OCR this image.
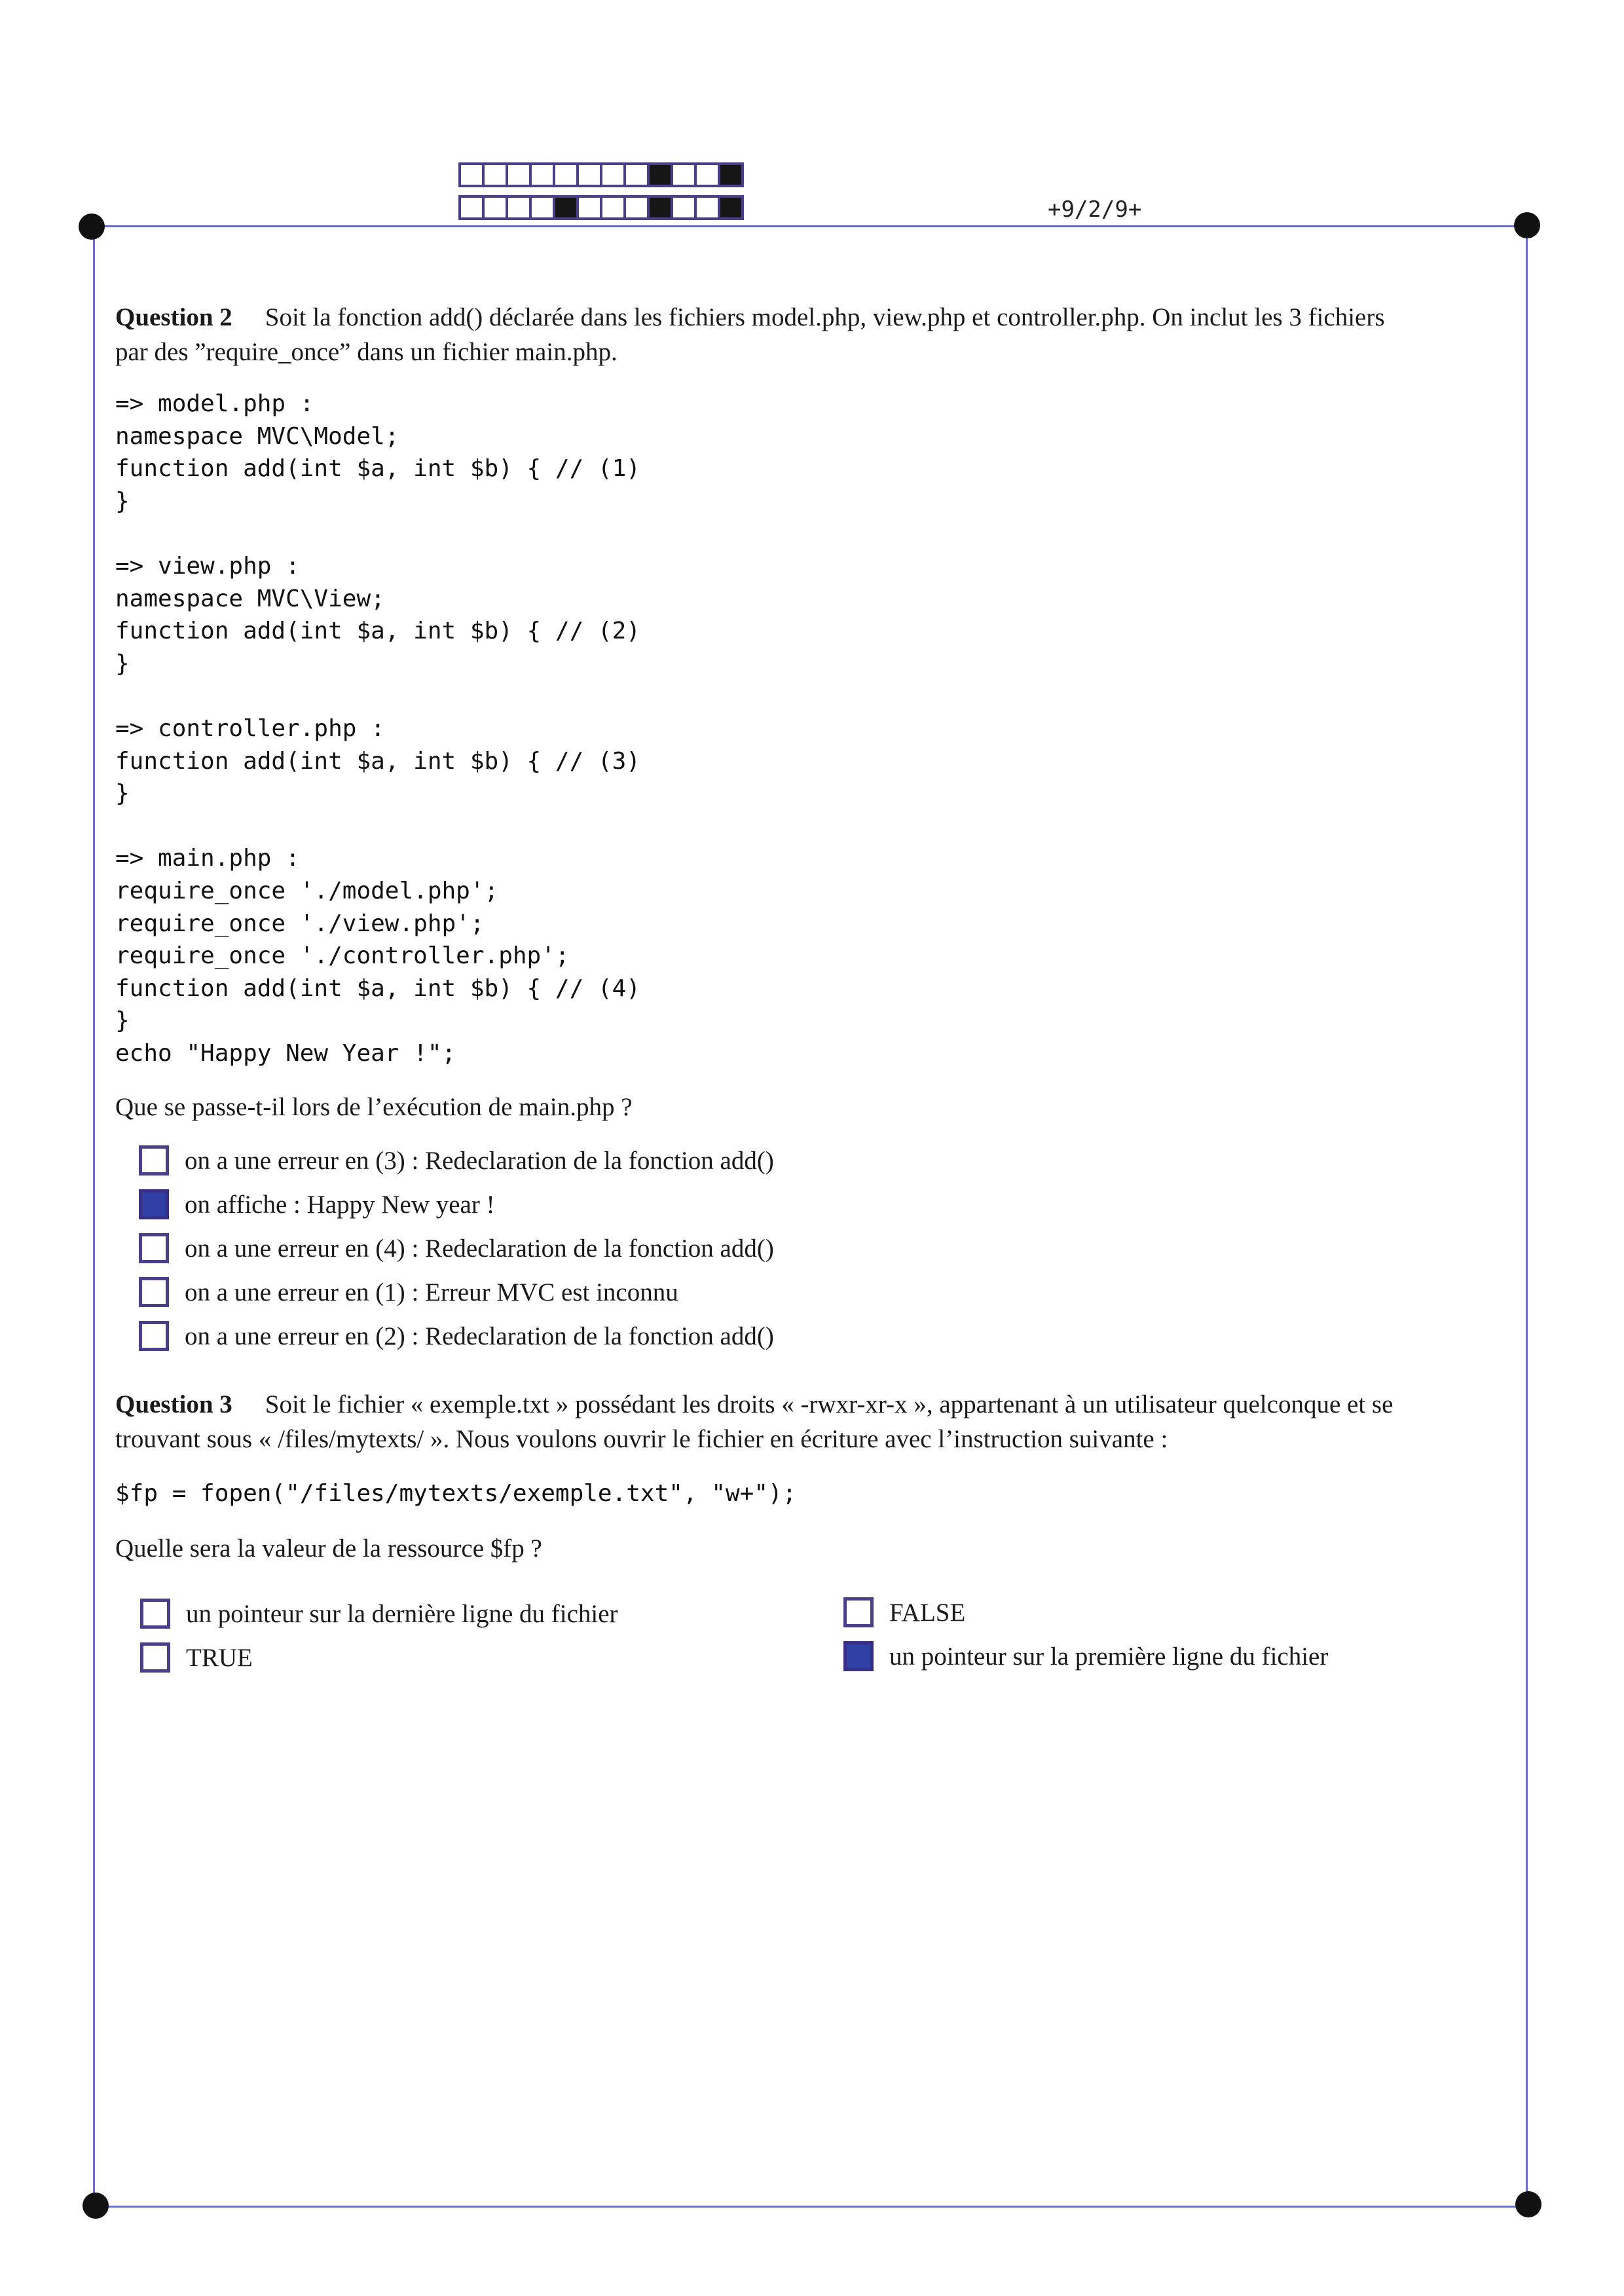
+9/2/9+
Question 2 Soit la fonction add() déclarée dans les fichiers model.php, view.php et controller.php. On inclut les 3 fichiers
par des ”require_once” dans un fichier main.php.
=> model.php :
namespace MVC\Model;
function add(int $a, int $b) { // (1)
}

=> view.php :
namespace MVC\View;
function add(int $a, int $b) { // (2)
}

=> controller.php :
function add(int $a, int $b) { // (3)
}

=> main.php :
require_once './model.php';
require_once './view.php';
require_once './controller.php';
function add(int $a, int $b) { // (4)
}
echo "Happy New Year !";
Que se passe-t-il lors de l’exécution de main.php ?
on a une erreur en (3) : Redeclaration de la fonction add()
on affiche : Happy New year !
on a une erreur en (4) : Redeclaration de la fonction add()
on a une erreur en (1) : Erreur MVC est inconnu
on a une erreur en (2) : Redeclaration de la fonction add()
Question 3 Soit le fichier « exemple.txt » possédant les droits « -rwxr-xr-x », appartenant à un utilisateur quelconque et se
trouvant sous « /files/mytexts/ ». Nous voulons ouvrir le fichier en écriture avec l’instruction suivante :
$fp = fopen("/files/mytexts/exemple.txt", "w+");
Quelle sera la valeur de la ressource $fp ?
un pointeur sur la dernière ligne du fichier
TRUE
FALSE
un pointeur sur la première ligne du fichier
